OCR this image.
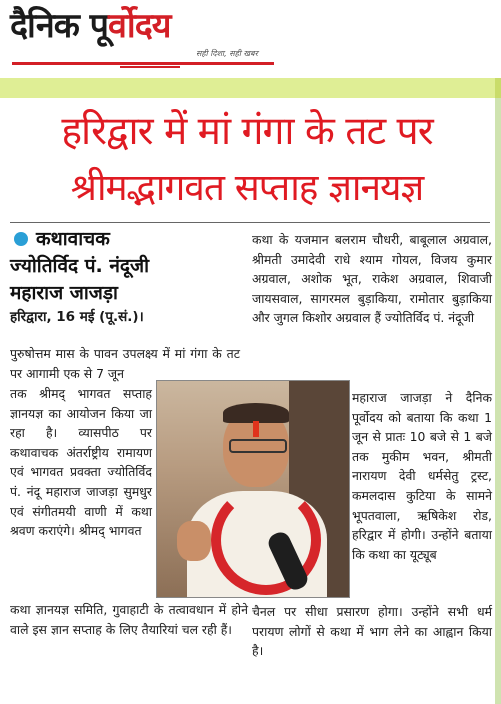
दैनिक पूर्वोदय
सही दिशा, सही खबर
हरिद्वार में मां गंगा के तट पर
श्रीमद्भागवत सप्ताह ज्ञानयज्ञ
कथावाचक
ज्योतिर्विद पं. नंदूजी
महाराज जाजड़ा

हरिद्वारा, 16 मई (पू.सं.)।

पुरुषोत्तम मास के पावन उपलक्ष्य में मां गंगा के तट पर आगामी एक से 7 जून

तक श्रीमद् भागवत सप्ताह ज्ञानयज्ञ का आयोजन किया जा रहा है। व्यासपीठ पर कथावाचक अंतर्राष्ट्रीय रामायण एवं भागवत प्रवक्ता ज्योतिर्विद पं. नंदू महाराज जाजड़ा सुमधुर एवं संगीतमयी वाणी में कथा श्रवण कराएंगे। श्रीमद् भागवत

कथा ज्ञानयज्ञ समिति, गुवाहाटी के तत्वावधान में होने वाले इस ज्ञान सप्ताह के लिए तैयारियां चल रही हैं।

कथा के यजमान बलराम चौधरी, बाबूलाल अग्रवाल, श्रीमती उमादेवी राधे श्याम गोयल, विजय कुमार अग्रवाल, अशोक भूत, राकेश अग्रवाल, शिवाजी जायसवाल, सागरमल बुड़ाकिया, रामोतार बुड़ाकिया और जुगल किशोर अग्रवाल हैं ज्योतिर्विद पं. नंदूजी

महाराज जाजड़ा ने दैनिक पूर्वोदय को बताया कि कथा 1 जून से प्रातः 10 बजे से 1 बजे तक मुकीम भवन, श्रीमती नारायण देवी धर्मसेतु ट्रस्ट, कमलदास कुटिया के सामने भूपतवाला, ऋषिकेश रोड, हरिद्वार में होगी। उन्होंने बताया कि कथा का यूट्यूब

चैनल पर सीधा प्रसारण होगा। उन्होंने सभी धर्म परायण लोगों से कथा में भाग लेने का आह्वान किया है।
